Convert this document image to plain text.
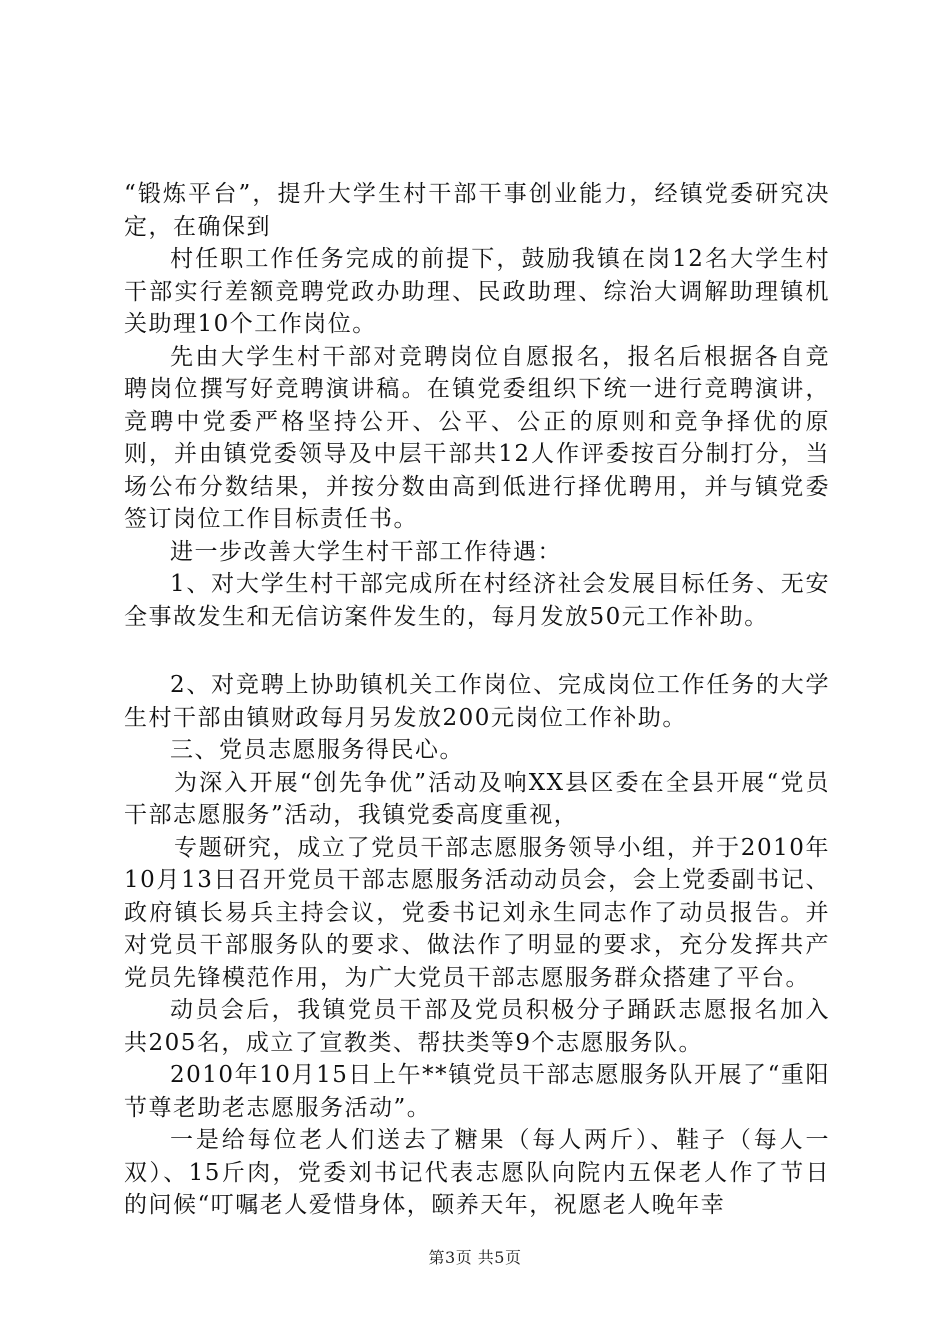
“锻炼平台”，提升大学生村干部干事创业能力，经镇党委研究决定，在确保到

村任职工作任务完成的前提下，鼓励我镇在岗12名大学生村干部实行差额竞聘党政办助理、民政助理、综治大调解助理镇机关助理10个工作岗位。

先由大学生村干部对竞聘岗位自愿报名，报名后根据各自竞聘岗位撰写好竞聘演讲稿。在镇党委组织下统一进行竞聘演讲，竞聘中党委严格坚持公开、公平、公正的原则和竞争择优的原则，并由镇党委领导及中层干部共12人作评委按百分制打分，当场公布分数结果，并按分数由高到低进行择优聘用，并与镇党委签订岗位工作目标责任书。

进一步改善大学生村干部工作待遇：

1、对大学生村干部完成所在村经济社会发展目标任务、无安全事故发生和无信访案件发生的，每月发放50元工作补助。

2、对竞聘上协助镇机关工作岗位、完成岗位工作任务的大学生村干部由镇财政每月另发放200元岗位工作补助。

三、党员志愿服务得民心。

为深入开展“创先争优”活动及响XX县区委在全县开展“党员干部志愿服务”活动，我镇党委高度重视，

专题研究，成立了党员干部志愿服务领导小组，并于2010年10月13日召开党员干部志愿服务活动动员会，会上党委副书记、政府镇长易兵主持会议，党委书记刘永生同志作了动员报告。并对党员干部服务队的要求、做法作了明显的要求，充分发挥共产党员先锋模范作用，为广大党员干部志愿服务群众搭建了平台。

动员会后，我镇党员干部及党员积极分子踊跃志愿报名加入共205名，成立了宣教类、帮扶类等9个志愿服务队。

2010年10月15日上午**镇党员干部志愿服务队开展了“重阳节尊老助老志愿服务活动”。

一是给每位老人们送去了糖果（每人两斤）、鞋子（每人一双）、15斤肉，党委刘书记代表志愿队向院内五保老人作了节日的问候“叮嘱老人爱惜身体，颐养天年，祝愿老人晚年幸

第3页 共5页
